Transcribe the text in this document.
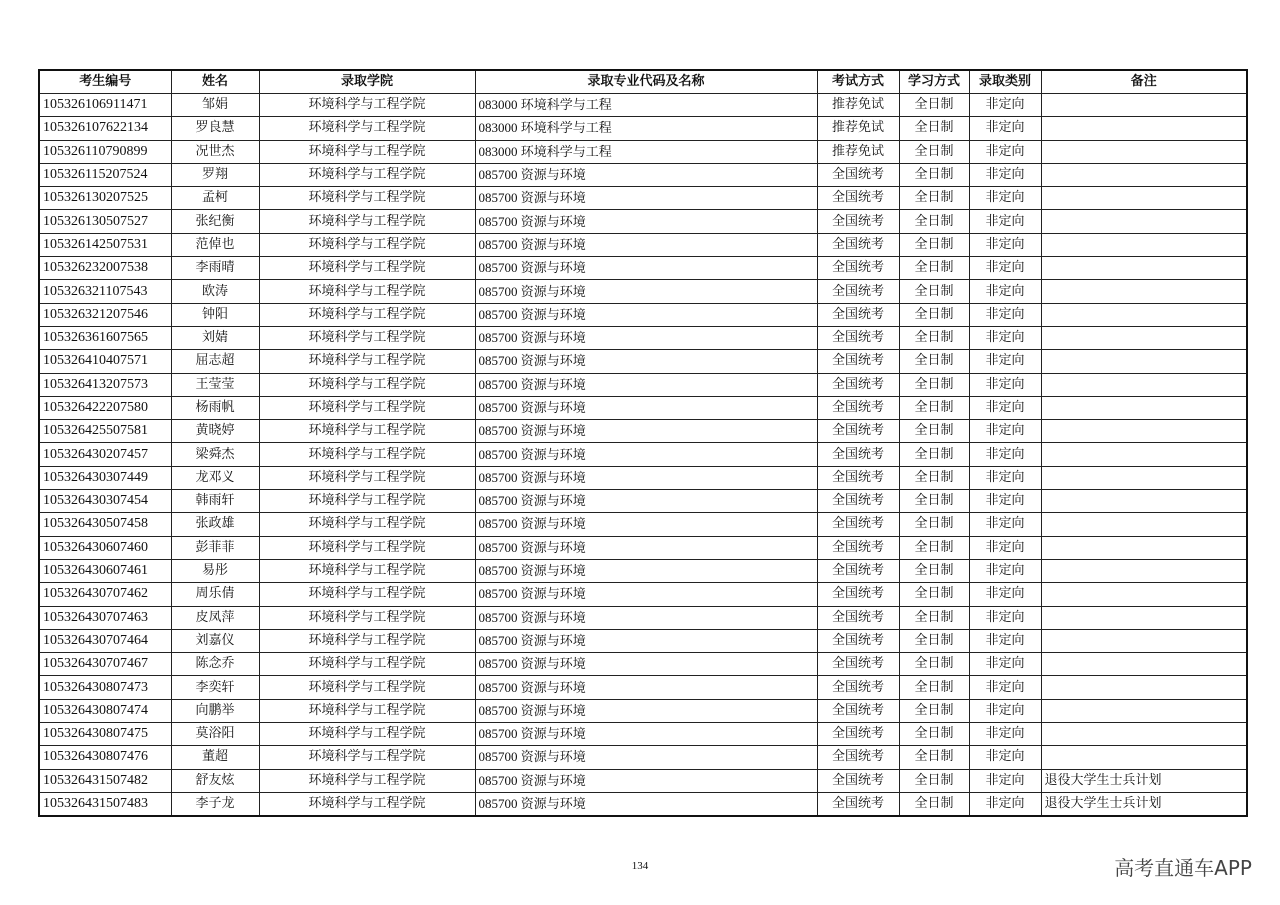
考生编号	姓名	录取学院	录取专业代码及名称	考试方式	学习方式	录取类别	备注
105326106911471	邹娟	环境科学与工程学院	083000 环境科学与工程	推荐免试	全日制	非定向	
105326107622134	罗良慧	环境科学与工程学院	083000 环境科学与工程	推荐免试	全日制	非定向	
105326110790899	况世杰	环境科学与工程学院	083000 环境科学与工程	推荐免试	全日制	非定向	
105326115207524	罗翔	环境科学与工程学院	085700 资源与环境	全国统考	全日制	非定向	
105326130207525	孟柯	环境科学与工程学院	085700 资源与环境	全国统考	全日制	非定向	
105326130507527	张纪衡	环境科学与工程学院	085700 资源与环境	全国统考	全日制	非定向	
105326142507531	范倬也	环境科学与工程学院	085700 资源与环境	全国统考	全日制	非定向	
105326232007538	李雨晴	环境科学与工程学院	085700 资源与环境	全国统考	全日制	非定向	
105326321107543	欧涛	环境科学与工程学院	085700 资源与环境	全国统考	全日制	非定向	
105326321207546	钟阳	环境科学与工程学院	085700 资源与环境	全国统考	全日制	非定向	
105326361607565	刘婧	环境科学与工程学院	085700 资源与环境	全国统考	全日制	非定向	
105326410407571	屈志超	环境科学与工程学院	085700 资源与环境	全国统考	全日制	非定向	
105326413207573	王莹莹	环境科学与工程学院	085700 资源与环境	全国统考	全日制	非定向	
105326422207580	杨雨帆	环境科学与工程学院	085700 资源与环境	全国统考	全日制	非定向	
105326425507581	黄晓婷	环境科学与工程学院	085700 资源与环境	全国统考	全日制	非定向	
105326430207457	梁舜杰	环境科学与工程学院	085700 资源与环境	全国统考	全日制	非定向	
105326430307449	龙邓义	环境科学与工程学院	085700 资源与环境	全国统考	全日制	非定向	
105326430307454	韩雨轩	环境科学与工程学院	085700 资源与环境	全国统考	全日制	非定向	
105326430507458	张政雄	环境科学与工程学院	085700 资源与环境	全国统考	全日制	非定向	
105326430607460	彭菲菲	环境科学与工程学院	085700 资源与环境	全国统考	全日制	非定向	
105326430607461	易彤	环境科学与工程学院	085700 资源与环境	全国统考	全日制	非定向	
105326430707462	周乐倩	环境科学与工程学院	085700 资源与环境	全国统考	全日制	非定向	
105326430707463	皮凤萍	环境科学与工程学院	085700 资源与环境	全国统考	全日制	非定向	
105326430707464	刘嘉仪	环境科学与工程学院	085700 资源与环境	全国统考	全日制	非定向	
105326430707467	陈念乔	环境科学与工程学院	085700 资源与环境	全国统考	全日制	非定向	
105326430807473	李奕轩	环境科学与工程学院	085700 资源与环境	全国统考	全日制	非定向	
105326430807474	向鹏举	环境科学与工程学院	085700 资源与环境	全国统考	全日制	非定向	
105326430807475	莫浴阳	环境科学与工程学院	085700 资源与环境	全国统考	全日制	非定向	
105326430807476	董超	环境科学与工程学院	085700 资源与环境	全国统考	全日制	非定向	
105326431507482	舒友炫	环境科学与工程学院	085700 资源与环境	全国统考	全日制	非定向	退役大学生士兵计划
105326431507483	李子龙	环境科学与工程学院	085700 资源与环境	全国统考	全日制	非定向	退役大学生士兵计划
134	高考直通车APP
